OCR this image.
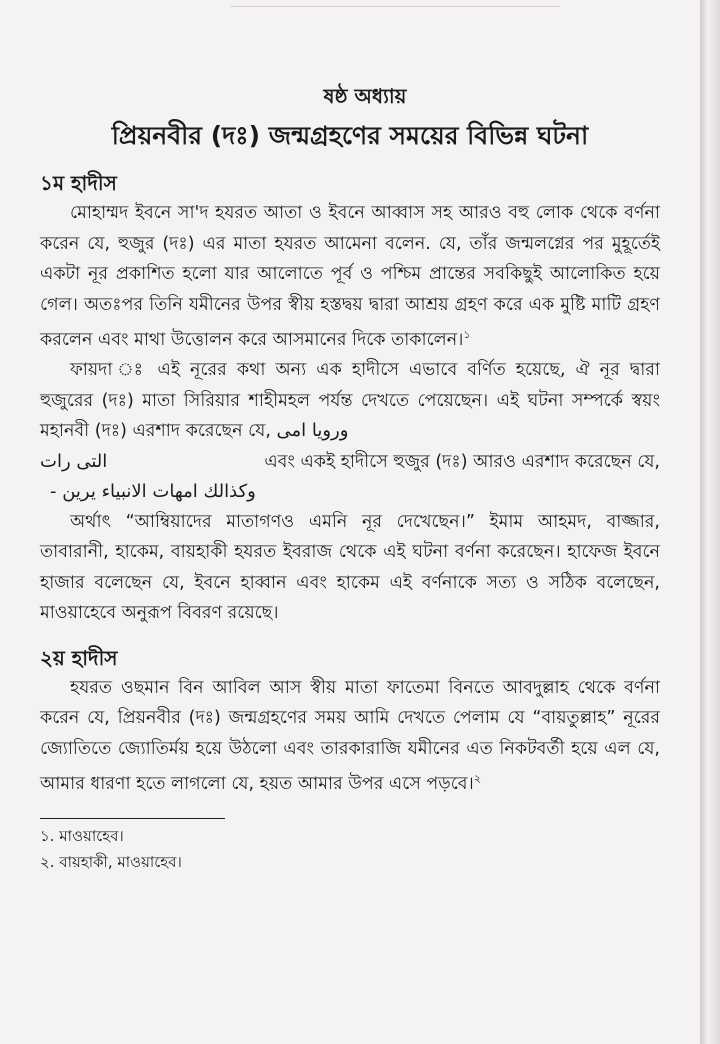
ষষ্ঠ অধ্যায়
প্রিয়নবীর (দঃ) জন্মগ্রহণের সময়ের বিভিন্ন ঘটনা
১ম হাদীস

মোহাম্মদ ইবনে সা'দ হযরত আতা ও ইবনে আব্বাস সহ আরও বহু লোক থেকে বর্ণনা করেন যে, হুজুর (দঃ) এর মাতা হযরত আমেনা বলেন. যে, তাঁর জন্মলগ্নের পর মুহূর্তেই একটা নূর প্রকাশিত হলো যার আলোতে পূর্ব ও পশ্চিম প্রান্তের সবকিছুই আলোকিত হয়ে গেল। অতঃপর তিনি যমীনের উপর স্বীয় হস্তদ্বয় দ্বারা আশ্রয় গ্রহণ করে এক মুষ্টি মাটি গ্রহণ করলেন এবং মাথা উত্তোলন করে আসমানের দিকে তাকালেন।$^১$

ফায়দা ঃ এই নূরের কথা অন্য এক হাদীসে এভাবে বর্ণিত হয়েছে, ঐ নূর দ্বারা হুজুরের (দঃ) মাতা সিরিয়ার শাহীমহল পর্যন্ত দেখতে পেয়েছেন। এই ঘটনা সম্পর্কে স্বয়ং মহানবী (দঃ) এরশাদ করেছেন যে, ورويا امى

التى رات	এবং একই হাদীসে হুজুর (দঃ) আরও এরশাদ করেছেন যে,
وكذالك امهات الانبياء يرين -

অর্থাৎ “আম্বিয়াদের মাতাগণও এমনি নূর দেখেছেন।” ইমাম আহমদ, বাজ্জার, তাবারানী, হাকেম, বায়হাকী হযরত ইবরাজ থেকে এই ঘটনা বর্ণনা করেছেন। হাফেজ ইবনে হাজার বলেছেন যে, ইবনে হাব্বান এবং হাকেম এই বর্ণনাকে সত্য ও সঠিক বলেছেন, মাওয়াহেবে অনুরূপ বিবরণ রয়েছে।

২য় হাদীস

হযরত ওছমান বিন আবিল আস স্বীয় মাতা ফাতেমা বিনতে আবদুল্লাহ থেকে বর্ণনা করেন যে, প্রিয়নবীর (দঃ) জন্মগ্রহণের সময় আমি দেখতে পেলাম যে “বায়তুল্লাহ” নূরের জ্যোতিতে জ্যোতির্ময় হয়ে উঠলো এবং তারকারাজি যমীনের এত নিকটবর্তী হয়ে এল যে, আমার ধারণা হতে লাগলো যে, হয়ত আমার উপর এসে পড়বে।$^২$

১. মাওয়াহেব।

২. বায়হাকী, মাওয়াহেব।
